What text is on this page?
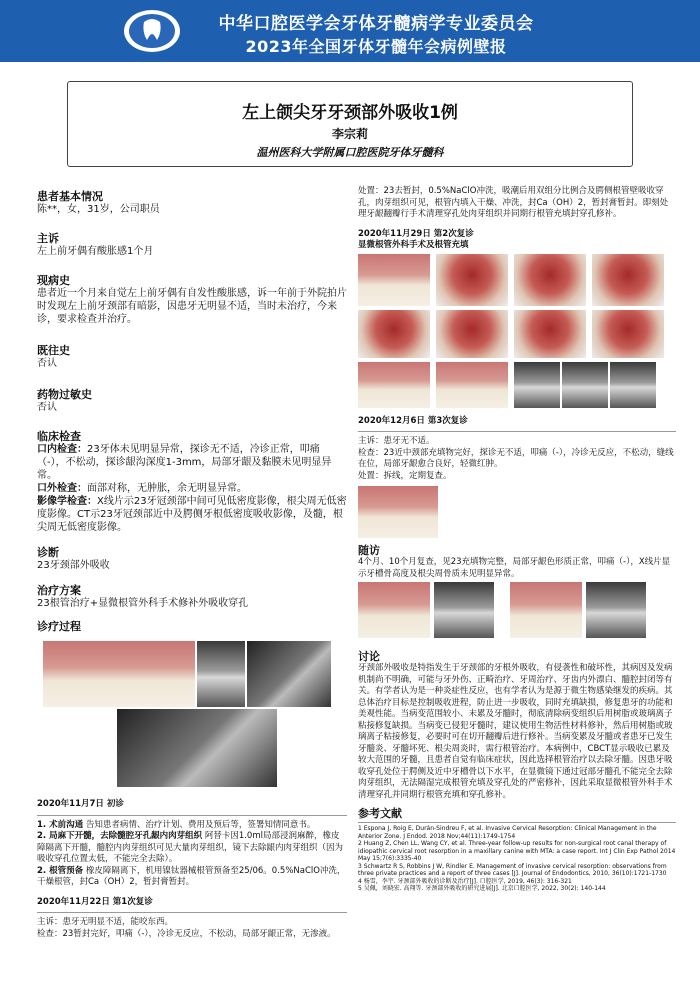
中华口腔医学会牙体牙髓病学专业委员会
2023年全国牙体牙髓年会病例壁报
左上颌尖牙牙颈部外吸收1例
李宗莉
温州医科大学附属口腔医院牙体牙髓科
患者基本情况
陈**，女，31岁，公司职员
主诉
左上前牙偶有酸胀感1个月
现病史
患者近一个月来自觉左上前牙偶有自发性酸胀感，诉一年前于外院拍片时发现左上前牙颈部有暗影，因患牙无明显不适，当时未治疗，今来诊，要求检查并治疗。
既往史
否认
药物过敏史
否认
临床检查
口内检查：23牙体未见明显异常，探诊无不适，冷诊正常，叩痛（-），不松动，探诊龈沟深度1-3mm，局部牙龈及黏膜未见明显异常。
口外检查：面部对称，无肿胀，余无明显异常。
影像学检查：X线片示23牙冠颈部中间可见低密度影像，根尖周无低密度影像。CT示23牙冠颈部近中及腭侧牙根低密度吸收影像，及髓，根尖周无低密度影像。
诊断
23牙颈部外吸收
治疗方案
23根管治疗+显微根管外科手术修补外吸收穿孔
诊疗过程
2020年11月7日 初诊
1. 术前沟通 告知患者病情、治疗计划、费用及预后等，签署知情同意书。
2. 局麻下开髓，去除髓腔牙孔龈内肉芽组织 阿替卡因1.0ml局部浸润麻醉，橡皮障隔离下开髓，髓腔内肉芽组织可见大量肉芽组织，镜下去除龈内肉芽组织（因为吸收穿孔位置太低，不能完全去除）。
2. 根管预备 橡皮障隔离下，机用镍钛器械根管预备至25/06。0.5%NaClO冲洗，干燥根管，封Ca（OH）2，暂封膏暂封。
2020年11月22日 第1次复诊
主诉：患牙无明显不适，能咬东西。
检查：23暂封完好，叩痛（-），冷诊无反应，不松动，局部牙龈正常，无渗液。
处置：23去暂封，0.5%NaClO冲洗，吸潮后用双组分比例合及腭侧根管壁吸收穿孔，肉芽组织可见，根管内填入干燥、冲洗，封Ca（OH）2，暂封膏暂封。即刻处理牙龈翻瓣行手术清理穿孔处肉芽组织并同期行根管充填封穿孔修补。
2020年11月29日 第2次复诊
显微根管外科手术及根管充填
2020年12月6日 第3次复诊
主诉：患牙无不适。
检查：23近中颈部充填物完好，探诊无不适，叩痛（-），冷诊无反应，不松动，缝线在位，局部牙龈愈合良好，轻微红肿。
处置：拆线，定期复查。
随访
4个月、10个月复查，见23充填物完整，局部牙龈色形质正常，叩痛（-），X线片显示牙槽骨高度及根尖周骨质未见明显异常。
讨论
牙颈部外吸收是特指发生于牙颈部的牙根外吸收，有侵袭性和破坏性，其病因及发病机制尚不明确，可能与牙外伤、正畸治疗、牙周治疗、牙齿内外漂白、髓腔封闭等有关。有学者认为是一种炎症性反应，也有学者认为是源于微生物感染继发的疾病。其总体治疗目标是控制吸收进程，防止进一步吸收，同时充填缺损，修复患牙的功能和美观性能。当病变范围较小、未累及牙髓时，彻底清除病变组织后用树脂或玻璃离子粘接修复缺损。当病变已侵犯牙髓时，建议使用生物活性材料修补，然后用树脂或玻璃离子粘接修复，必要时可在切开翻瓣后进行修补。当病变累及牙髓或者患牙已发生牙髓炎、牙髓坏死、根尖周炎时，需行根管治疗。本病例中，CBCT显示吸收已累及较大范围的牙髓，且患者自觉有临床症状，因此选择根管治疗以去除牙髓。因患牙吸收穿孔处位于腭侧及近中牙槽骨以下水平，在显微镜下通过冠部牙髓孔不能完全去除肉芽组织，无法隔湿完成根管充填及穿孔处的严密修补，因此采取显微根管外科手术清理穿孔并同期行根管充填和穿孔修补。
参考文献
1 Espona J, Roig E, Durán-Sindreu F, et al. Invasive Cervical Resorption: Clinical Management in the Anterior Zone. J Endod. 2018 Nov;44(11):1749-1754
2 Huang Z, Chen LL, Wang CY, et al. Three-year follow-up results for non-surgical root canal therapy of idiopathic cervical root resorption in a maxillary canine with MTA: a case report. Int J Clin Exp Pathol 2014 May 15;7(6):3335-40
3 Schwartz R S, Robbins J W, Rindler E. Management of invasive cervical resorption: observations from three private practices and a report of three cases [J]. Journal of Endodontics, 2010, 36(10):1721-1730
4 杨雪，李宇. 牙颈部外吸收的诊断及治疗[J]. 口腔医学, 2019, 46(3): 316-321
5 吴佩，刘晓宏. 高翔等. 牙颈部外吸收的研究进展[J]. 北京口腔医学, 2022, 30(2): 140-144
